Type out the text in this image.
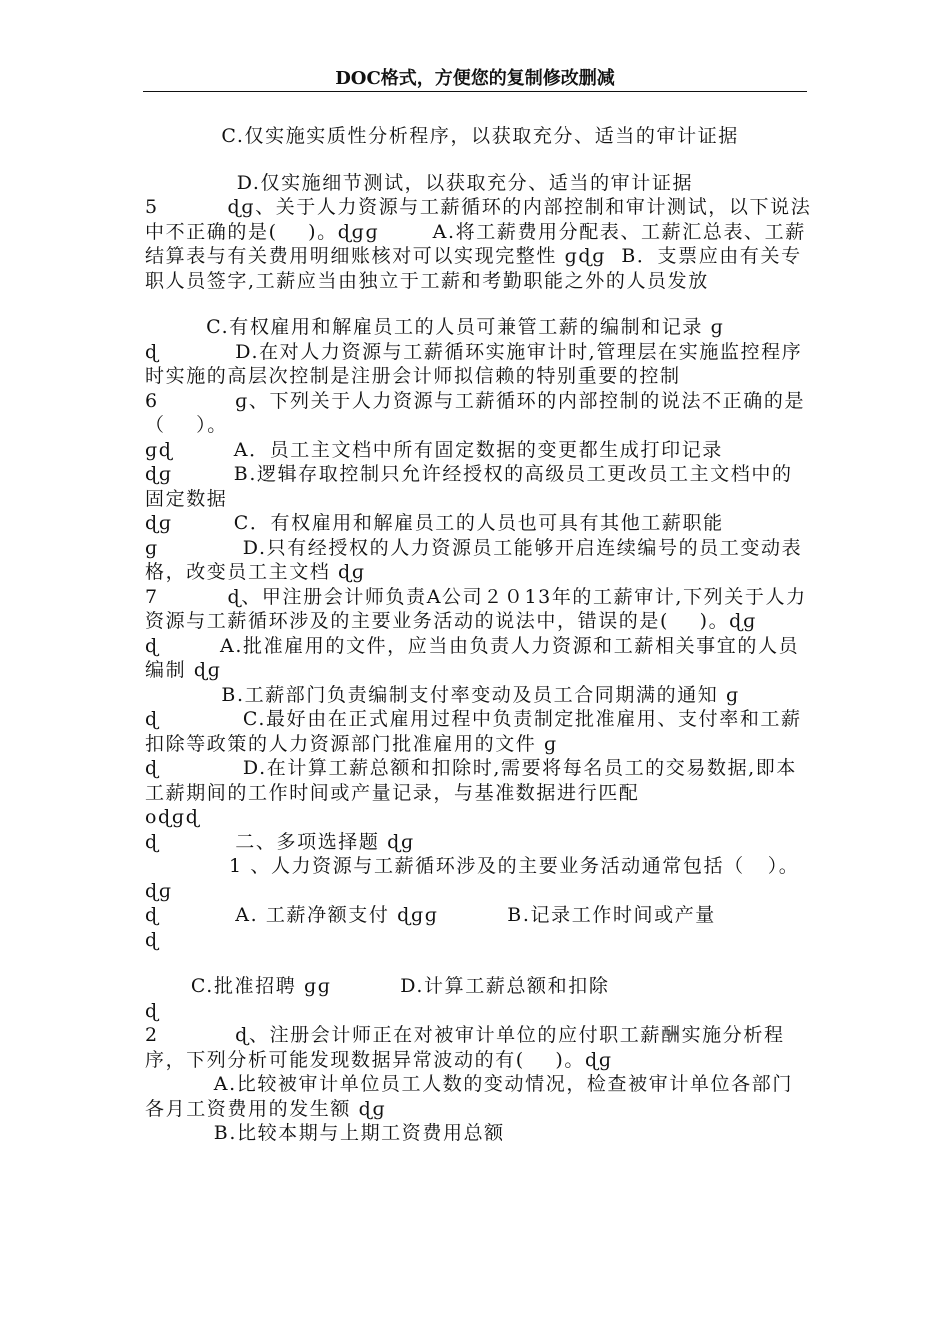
DOC格式，方便您的复制修改删减
C.仅实施实质性分析程序，以获取充分、适当的审计证据
D.仅实施细节测试，以获取充分、适当的审计证据
5         ɖɡ、关于人力资源与工薪循环的内部控制和审计测试，以下说法中不正确的是(    )。ɖɡɡ       A.将工薪费用分配表、工薪汇总表、工薪结算表与有关费用明细账核对可以实现完整性 ɡɖɡ  B．支票应由有关专职人员签字,工薪应当由独立于工薪和考勤职能之外的人员发放
C.有权雇用和解雇员工的人员可兼管工薪的编制和记录 ɡ
ɖ          D.在对人力资源与工薪循环实施审计时,管理层在实施监控程序时实施的高层次控制是注册会计师拟信赖的特别重要的控制
6          ɡ、下列关于人力资源与工薪循环的内部控制的说法不正确的是（    ）。
ɡɖ        A．员工主文档中所有固定数据的变更都生成打印记录
ɖɡ        B.逻辑存取控制只允许经授权的高级员工更改员工主文档中的固定数据
ɖɡ        C．有权雇用和解雇员工的人员也可具有其他工薪职能
ɡ           D.只有经授权的人力资源员工能够开启连续编号的员工变动表格，改变员工主文档 ɖɡ
7         ɖ、甲注册会计师负责A公司２０13年的工薪审计,下列关于人力资源与工薪循环涉及的主要业务活动的说法中，错误的是(    )。ɖɡ
ɖ        A.批准雇用的文件，应当由负责人力资源和工薪相关事宜的人员编制 ɖɡ
B.工薪部门负责编制支付率变动及员工合同期满的通知 ɡ
ɖ           C.最好由在正式雇用过程中负责制定批准雇用、支付率和工薪扣除等政策的人力资源部门批准雇用的文件 ɡ
ɖ           D.在计算工薪总额和扣除时,需要将每名员工的交易数据,即本工薪期间的工作时间或产量记录，与基准数据进行匹配
oɖɡɖ
ɖ          二、多项选择题 ɖɡ
1 、人力资源与工薪循环涉及的主要业务活动通常包括（   ）。ɖɡ
ɖ          A. 工薪净额支付 ɖɡɡ         B.记录工作时间或产量
ɖ
C.批准招聘 ɡɡ         D.计算工薪总额和扣除
ɖ
2          ɖ、注册会计师正在对被审计单位的应付职工薪酬实施分析程序，下列分析可能发现数据异常波动的有(    )。ɖɡ
A.比较被审计单位员工人数的变动情况，检查被审计单位各部门各月工资费用的发生额 ɖɡ
B.比较本期与上期工资费用总额
